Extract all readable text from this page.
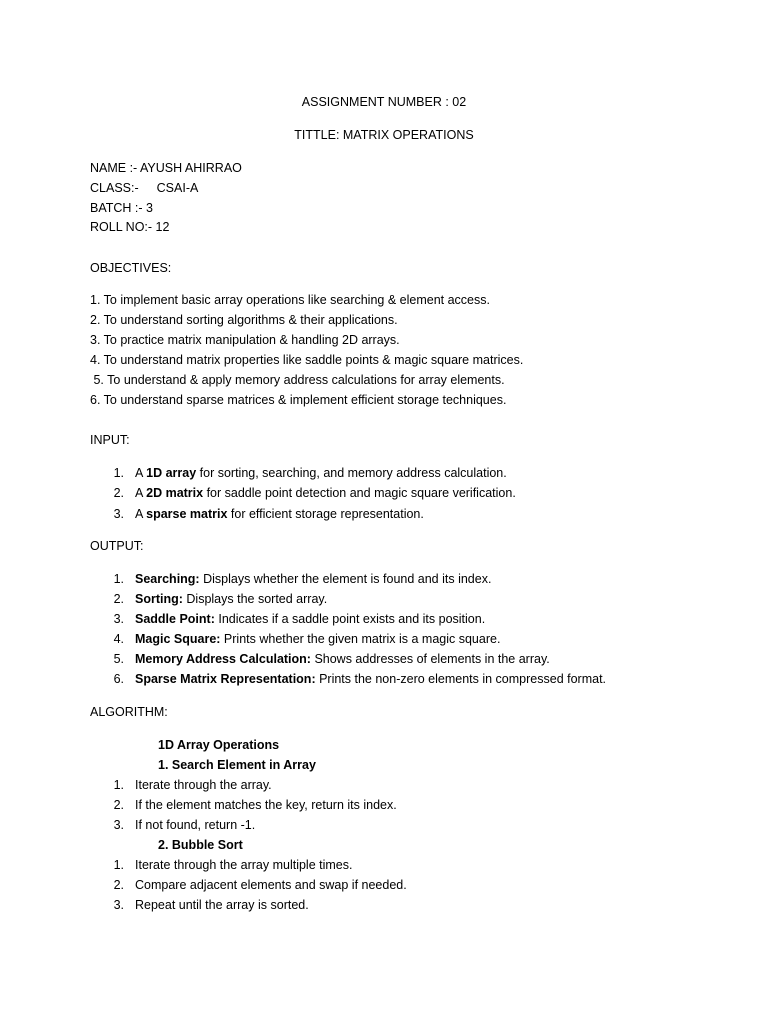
ASSIGNMENT NUMBER : 02
TITTLE: MATRIX OPERATIONS
NAME :- AYUSH AHIRRAO
CLASS:- CSAI-A
BATCH :- 3
ROLL NO:- 12
OBJECTIVES:
1. To implement basic array operations like searching & element access.
2. To understand sorting algorithms & their applications.
3. To practice matrix manipulation & handling 2D arrays.
4. To understand matrix properties like saddle points & magic square matrices.
5. To understand & apply memory address calculations for array elements.
6. To understand sparse matrices & implement efficient storage techniques.
INPUT:
1. A 1D array for sorting, searching, and memory address calculation.
2. A 2D matrix for saddle point detection and magic square verification.
3. A sparse matrix for efficient storage representation.
OUTPUT:
1. Searching: Displays whether the element is found and its index.
2. Sorting: Displays the sorted array.
3. Saddle Point: Indicates if a saddle point exists and its position.
4. Magic Square: Prints whether the given matrix is a magic square.
5. Memory Address Calculation: Shows addresses of elements in the array.
6. Sparse Matrix Representation: Prints the non-zero elements in compressed format.
ALGORITHM:
1D Array Operations
1. Search Element in Array
1. Iterate through the array.
2. If the element matches the key, return its index.
3. If not found, return -1.
2. Bubble Sort
1. Iterate through the array multiple times.
2. Compare adjacent elements and swap if needed.
3. Repeat until the array is sorted.
